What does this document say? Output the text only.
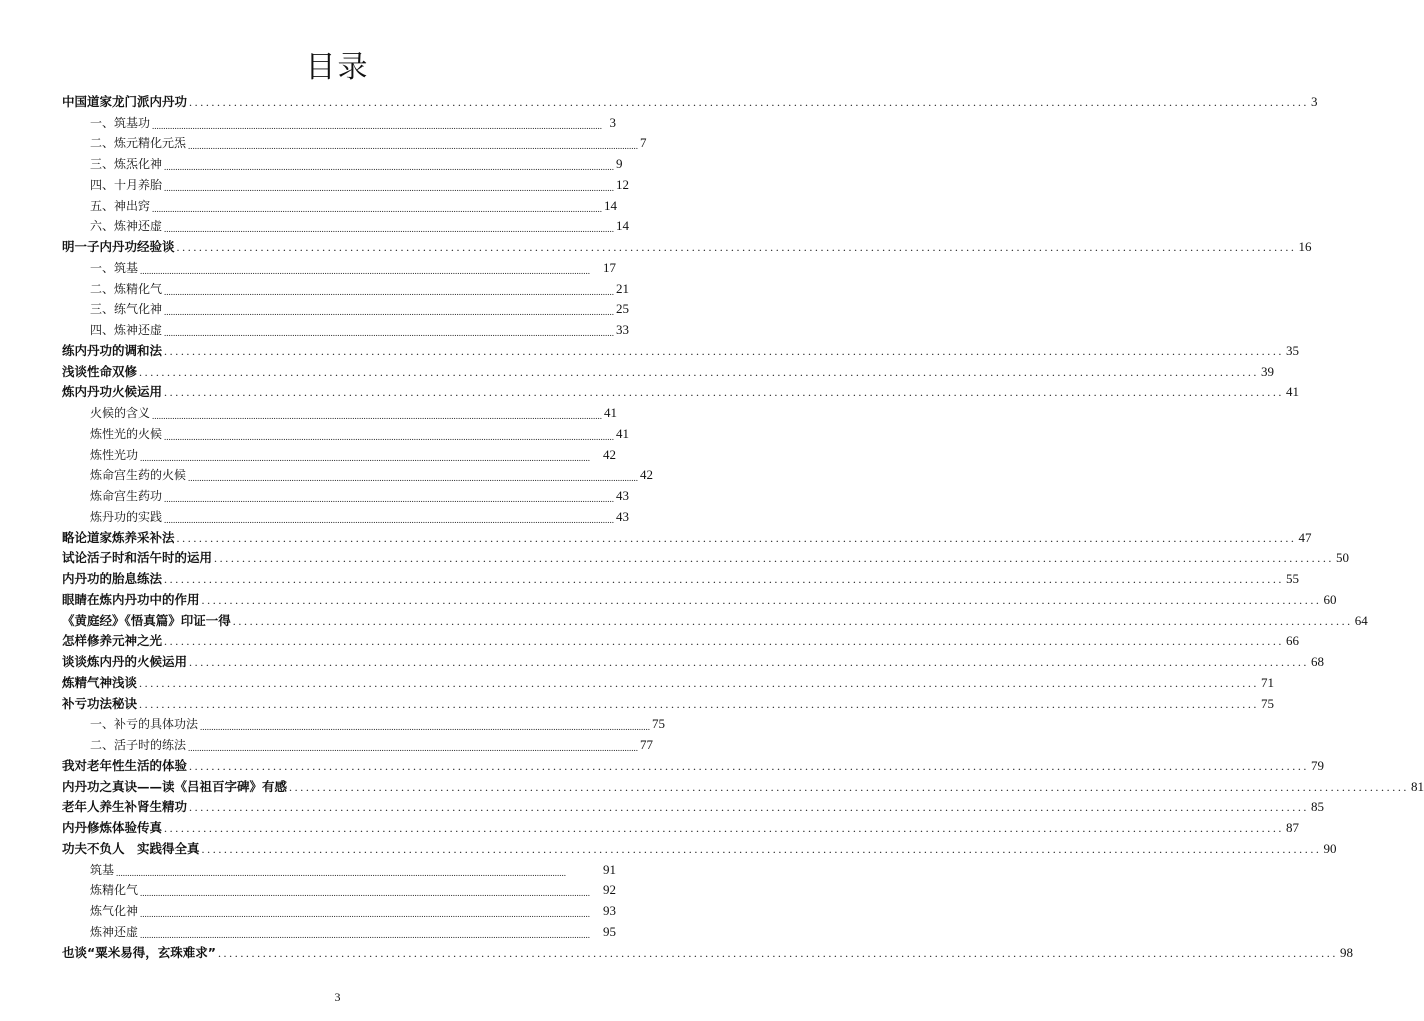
目录
中国道家龙门派内丹功 ........................................................................................................................................................................................................ 3
一、筑基功 ........................................................................................................................................................................................................ 3
二、炼元精化元炁 ........................................................................................................................................................................................................ 7
三、炼炁化神 ........................................................................................................................................................................................................ 9
四、十月养胎 ........................................................................................................................................................................................................ 12
五、神出窍 ........................................................................................................................................................................................................ 14
六、炼神还虚 ........................................................................................................................................................................................................ 14
明一子内丹功经验谈 ........................................................................................................................................................................................................ 16
一、筑基 ........................................................................................................................................................................................................ 17
二、炼精化气 ........................................................................................................................................................................................................ 21
三、练气化神 ........................................................................................................................................................................................................ 25
四、炼神还虚 ........................................................................................................................................................................................................ 33
练内丹功的调和法 ........................................................................................................................................................................................................ 35
浅谈性命双修 ........................................................................................................................................................................................................ 39
炼内丹功火候运用 ........................................................................................................................................................................................................ 41
火候的含义 ........................................................................................................................................................................................................ 41
炼性光的火候 ........................................................................................................................................................................................................ 41
炼性光功 ........................................................................................................................................................................................................ 42
炼命宫生药的火候 ........................................................................................................................................................................................................ 42
炼命宫生药功 ........................................................................................................................................................................................................ 43
炼丹功的实践 ........................................................................................................................................................................................................ 43
略论道家炼养采补法 ........................................................................................................................................................................................................ 47
试论活子时和活午时的运用 ........................................................................................................................................................................................................ 50
内丹功的胎息练法 ........................................................................................................................................................................................................ 55
眼睛在炼内丹功中的作用 ........................................................................................................................................................................................................ 60
《黄庭经》《悟真篇》印证一得 ........................................................................................................................................................................................................ 64
怎样修养元神之光 ........................................................................................................................................................................................................ 66
谈谈炼内丹的火候运用 ........................................................................................................................................................................................................ 68
炼精气神浅谈 ........................................................................................................................................................................................................ 71
补亏功法秘诀 ........................................................................................................................................................................................................ 75
一、补亏的具体功法 ........................................................................................................................................................................................................ 75
二、活子时的练法 ........................................................................................................................................................................................................ 77
我对老年性生活的体验 ........................................................................................................................................................................................................ 79
内丹功之真诀——读《吕祖百字碑》有感 ........................................................................................................................................................................................................ 81
老年人养生补肾生精功 ........................................................................................................................................................................................................ 85
内丹修炼体验传真 ........................................................................................................................................................................................................ 87
功夫不负人　实践得全真 ........................................................................................................................................................................................................ 90
筑基 ........................................................................................................................................................................................................	91
炼精化气 ........................................................................................................................................................................................................ 92
炼气化神 ........................................................................................................................................................................................................ 93
炼神还虚 ........................................................................................................................................................................................................ 95
也谈“粟米易得，玄珠难求” ........................................................................................................................................................................................................ 98
3
